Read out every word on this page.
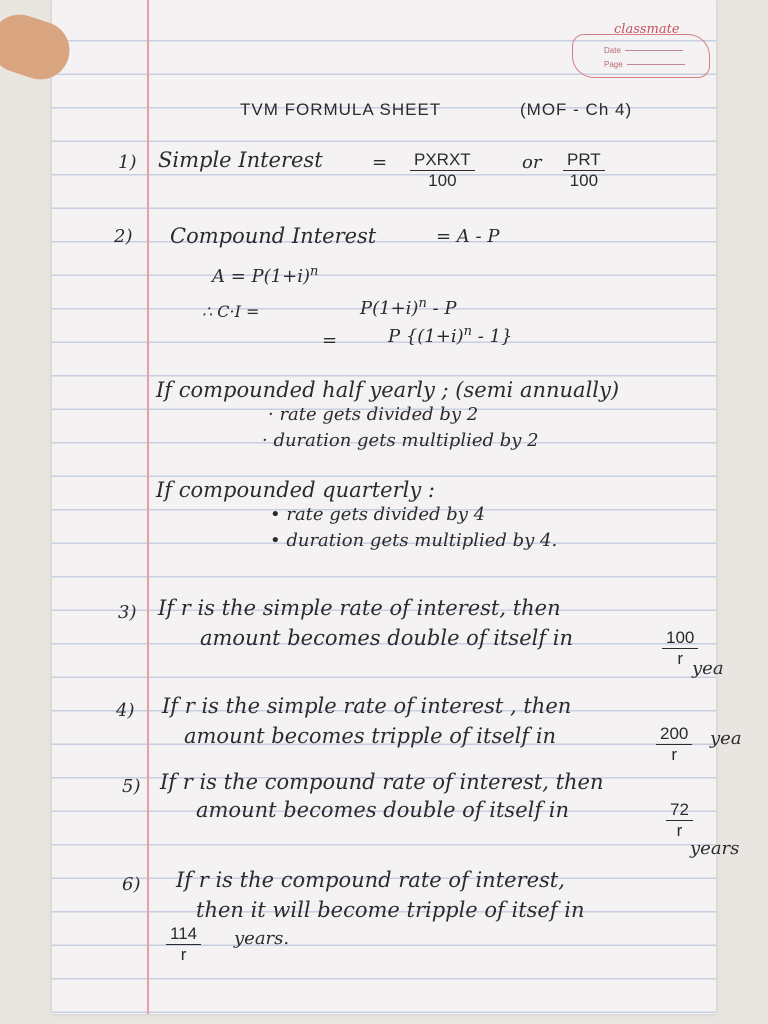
classmate
Date
Page
TVM FORMULA SHEET	(MOF - Ch 4)
1) Simple Interest	= PXRXT
100
or PRT
100
2) Compound Interest	= A - P
$A = P(1+i)^n$
∴ C·I =	$P(1+i)^n - P$
=	P $\{(1+i)^n - 1\}$
If compounded half yearly ; (semi annually)
· rate gets divided by 2
· duration gets multiplied by 2
If compounded quarterly :
• rate gets divided by 4
• duration gets multiplied by 4.
3) If r is the simple rate of interest, then
amount becomes double of itself in	$\frac{100}{r}$
yea
4) If r is the simple rate of interest , then
amount becomes tripple of itself in	$\frac{200}{r}$ yea
5) If r is the compound rate of interest, then
amount becomes double of itself in	$\frac{72}{r}$
years
6) If r is the compound rate of interest,
then it will become tripple of itsef in
$\frac{114}{r}$ years.
